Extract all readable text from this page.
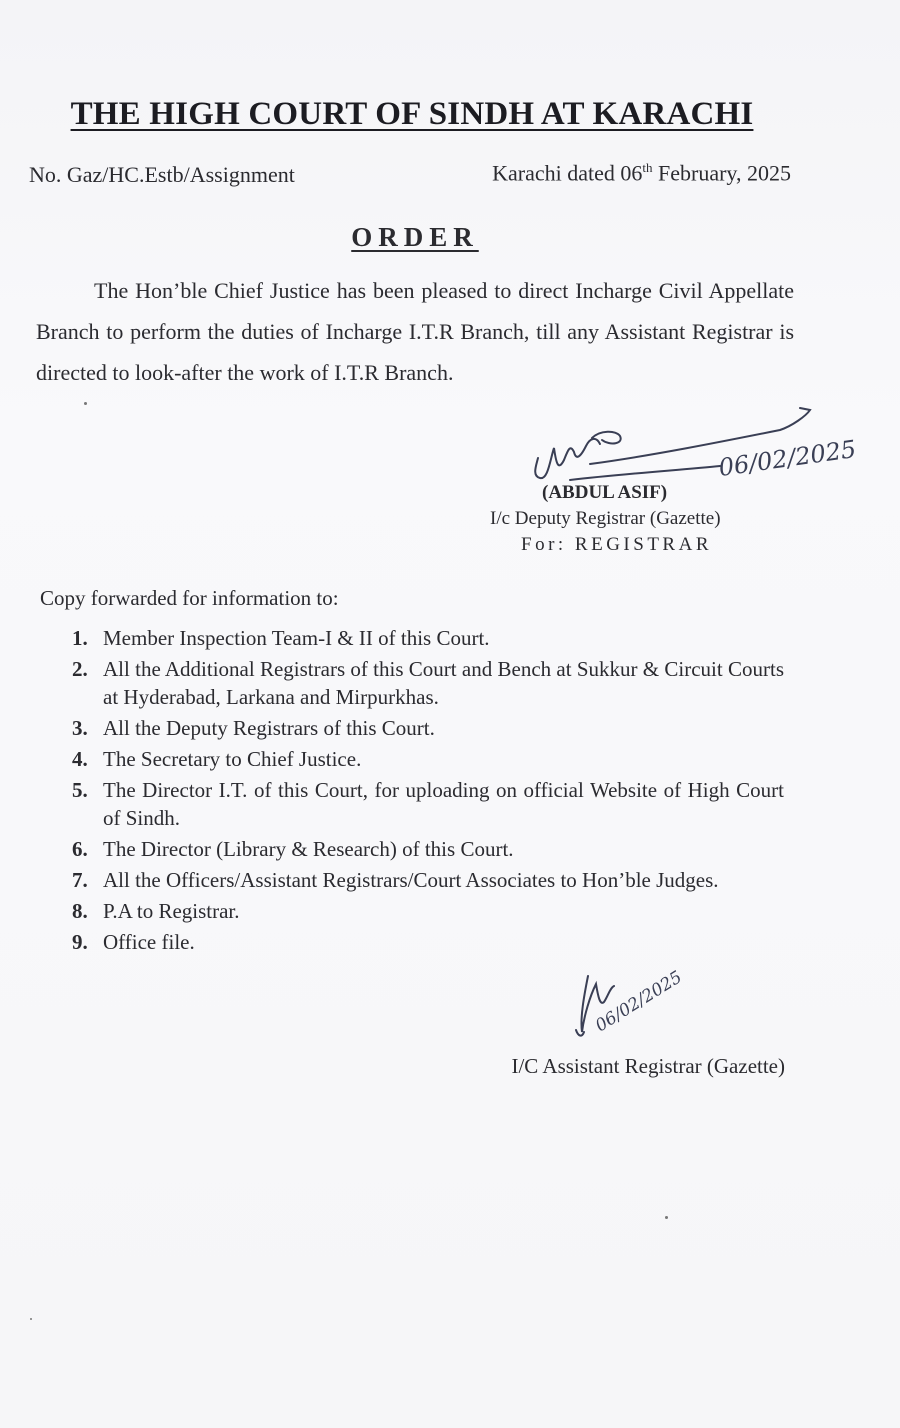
THE HIGH COURT OF SINDH AT KARACHI
No. Gaz/HC.Estb/Assignment	Karachi dated 06th February, 2025
ORDER
The Hon’ble Chief Justice has been pleased to direct Incharge Civil Appellate Branch to perform the duties of Incharge I.T.R Branch, till any Assistant Registrar is directed to look-after the work of I.T.R Branch.
06/02/2025
(ABDUL ASIF)
I/c Deputy Registrar (Gazette)
For: REGISTRAR
Copy forwarded for information to:
1. Member Inspection Team-I & II of this Court.
2. All the Additional Registrars of this Court and Bench at Sukkur & Circuit Courts at Hyderabad, Larkana and Mirpurkhas.
3. All the Deputy Registrars of this Court.
4. The Secretary to Chief Justice.
5. The Director I.T. of this Court, for uploading on official Website of High Court of Sindh.
6. The Director (Library & Research) of this Court.
7. All the Officers/Assistant Registrars/Court Associates to Hon’ble Judges.
8. P.A to Registrar.
9. Office file.
06/02/2025
I/C Assistant Registrar (Gazette)
